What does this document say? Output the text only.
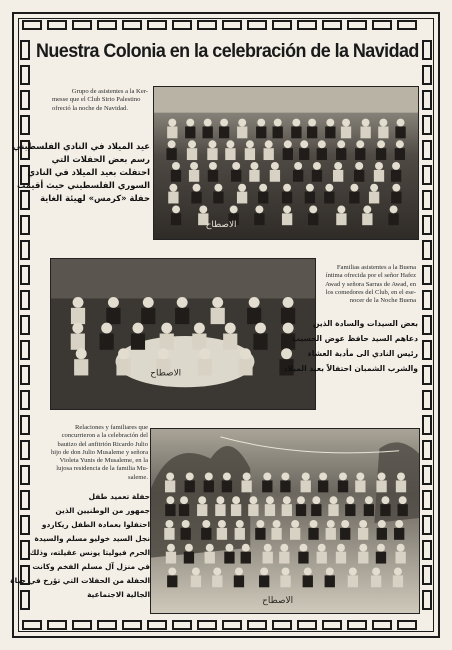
Nuestra Colonia en la celebración de la Navidad
Grupo de asistentes a la Ker-
messe que el Club Sirio Palestino
ofreció la noche de Navidad.
عيد الميلاد في النادي الفلسطيني
رسم بعض الحفلات التي
احتفلت بعيد الميلاد في النادي
السوري الفلسطيني حيث أقيمت
حفلة «كرمس» لهيئة الغاية
الاصطاح
الاصطاح
Familias asistentes a la Buena
íntima ofrecida por el señor Hafez
Awad y señora Sarras de Awad, en
los comedores del Club, en el ese-
nocer de la Noche Buena
بعض السيدات والسادة الذين
دعاهم السيد حافظ عوض الحسيب
رئيس النادي الى مأدبة العشاء
والشرب الشمبان احتفالاً بعيد الميلاد
Relaciones y familiares que
concurrieron a la celebración del
bautizo del anfitrión Ricardo Julio
hijo de don Julio Musaleme y señora
Violeta Yunis de Musaleme, en la
lujosa residencia de la familia Mu-
saleme.
حفلة تعميد طفل
جمهور من الوطنيين الذين
احتفلوا بعمادة الطفل ريكاردو
نجل السيد خوليو مسلم والسيدة
الحرم فيوليتا يونس عقيلته، وذلك
في منزل آل مسلم الفخم وكانت
الحفلة من الحفلات التي تؤرخ في حياة
الجالية الاجتماعية
الاصطاح
